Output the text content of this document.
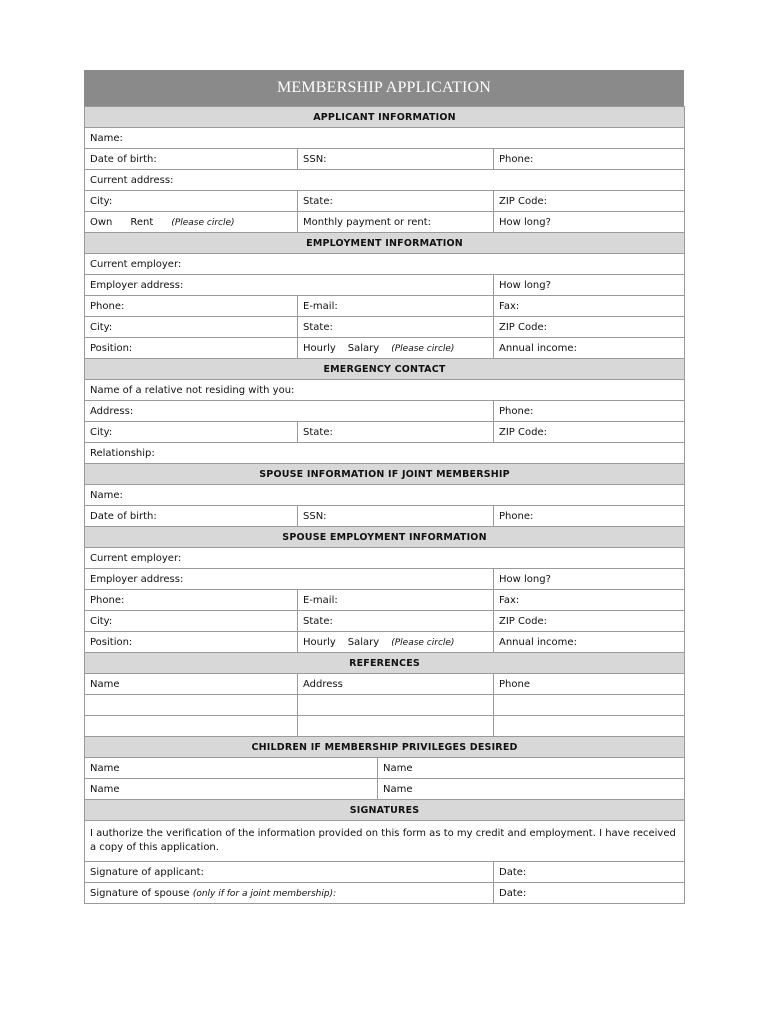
MEMBERSHIP APPLICATION
APPLICANT INFORMATION			
Name:			
Date of birth:	SSN:		Phone:
Current address:			
City:	State:		ZIP Code:
Own Rent (Please circle)	Monthly payment or rent:		How long?
EMPLOYMENT INFORMATION			
Current employer:			
Employer address:			How long?
Phone:	E-mail:		Fax:
City:	State:		ZIP Code:
Position:	Hourly Salary (Please circle)		Annual income:
EMERGENCY CONTACT			
Name of a relative not residing with you:			
Address:			Phone:
City:	State:		ZIP Code:
Relationship:			
SPOUSE INFORMATION IF JOINT MEMBERSHIP			
Name:			
Date of birth:	SSN:		Phone:
SPOUSE EMPLOYMENT INFORMATION			
Current employer:			
Employer address:			How long?
Phone:	E-mail:		Fax:
City:	State:		ZIP Code:
Position:	Hourly Salary (Please circle)		Annual income:
REFERENCES			
Name	Address		Phone

CHILDREN IF MEMBERSHIP PRIVILEGES DESIRED			
Name		Name	
Name		Name	
SIGNATURES			
I authorize the verification of the information provided on this form as to my credit and employment. I have received a copy of this application.			
Signature of applicant:			Date:
Signature of spouse (only if for a joint membership):			Date:
